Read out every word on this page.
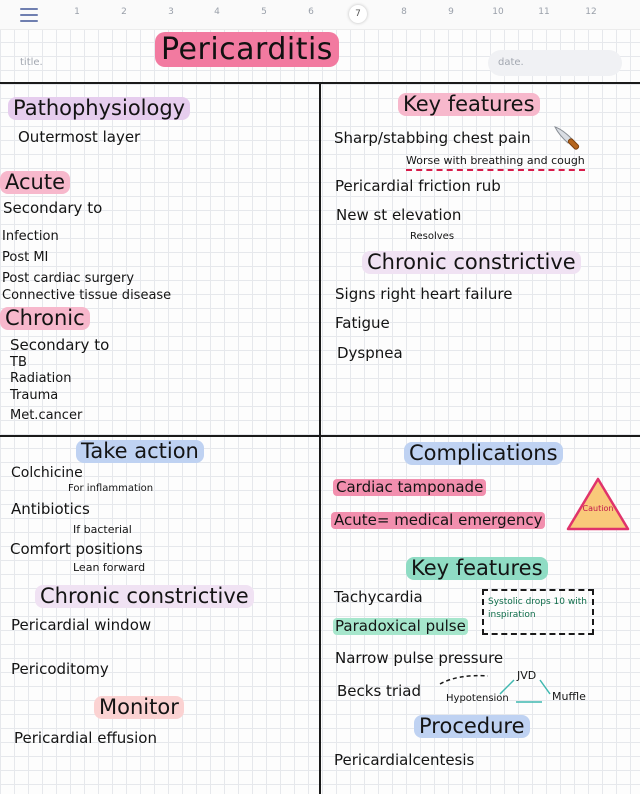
1	2	3	4	5	6	7	8	9	10	11	12
title.	date.
Pericarditis
Pathophysiology
Outermost layer
Acute
Secondary to
Infection
Post MI
Post cardiac surgery
Connective tissue disease
Chronic
Secondary to
TB
Radiation
Trauma
Met.cancer
Key features
Sharp/stabbing chest pain
Worse with breathing and cough
Pericardial friction rub
New st elevation
Resolves
Chronic constrictive
Signs right heart failure
Fatigue
Dyspnea
Take action
Colchicine
For inflammation
Antibiotics
If bacterial
Comfort positions
Lean forward
Chronic constrictive
Pericardial window
Pericoditomy
Monitor
Pericardial effusion
Complications
Cardiac tamponade
Acute= medical emergency
Caution
Key features
Tachycardia
Paradoxical pulse
Systolic drops 10 with inspiration
Narrow pulse pressure
Becks triad	Hypotension
JVD
Muffle
Procedure
Pericardialcentesis
